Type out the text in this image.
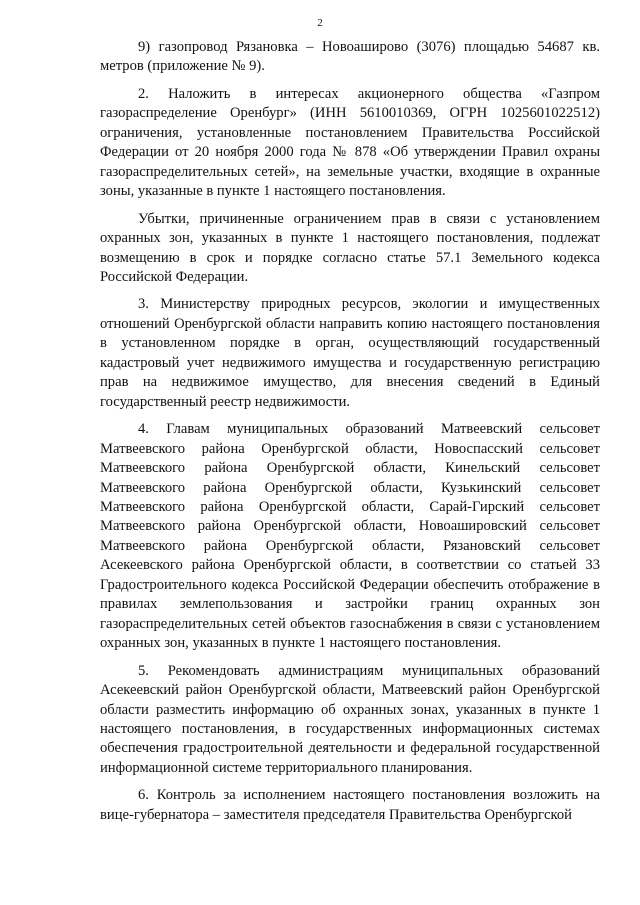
2

9) газопровод Рязановка – Новоаширово (3076) площадью 54687 кв. метров (приложение № 9).

2. Наложить в интересах акционерного общества «Газпром газораспределение Оренбург» (ИНН 5610010369, ОГРН 1025601022512) ограничения, установленные постановлением Правительства Российской Федерации от 20 ноября 2000 года № 878 «Об утверждении Правил охраны газораспределительных сетей», на земельные участки, входящие в охранные зоны, указанные в пункте 1 настоящего постановления.

Убытки, причиненные ограничением прав в связи с установлением охранных зон, указанных в пункте 1 настоящего постановления, подлежат возмещению в срок и порядке согласно статье 57.1 Земельного кодекса Российской Федерации.

3. Министерству природных ресурсов, экологии и имущественных отношений Оренбургской области направить копию настоящего постановления в установленном порядке в орган, осуществляющий государственный кадастровый учет недвижимого имущества и государственную регистрацию прав на недвижимое имущество, для внесения сведений в Единый государственный реестр недвижимости.

4. Главам муниципальных образований Матвеевский сельсовет Матвеевского района Оренбургской области, Новоспасский сельсовет Матвеевского района Оренбургской области, Кинельский сельсовет Матвеевского района Оренбургской области, Кузькинский сельсовет Матвеевского района Оренбургской области, Сарай-Гирский сельсовет Матвеевского района Оренбургской области, Новоашировский сельсовет Матвеевского района Оренбургской области, Рязановский сельсовет Асекеевского района Оренбургской области, в соответствии со статьей 33 Градостроительного кодекса Российской Федерации обеспечить отображение в правилах землепользования и застройки границ охранных зон газораспределительных сетей объектов газоснабжения в связи с установлением охранных зон, указанных в пункте 1 настоящего постановления.

5. Рекомендовать администрациям муниципальных образований Асекеевский район Оренбургской области, Матвеевский район Оренбургской области разместить информацию об охранных зонах, указанных в пункте 1 настоящего постановления, в государственных информационных системах обеспечения градостроительной деятельности и федеральной государственной информационной системе территориального планирования.

6. Контроль за исполнением настоящего постановления возложить на вице-губернатора – заместителя председателя Правительства Оренбургской
